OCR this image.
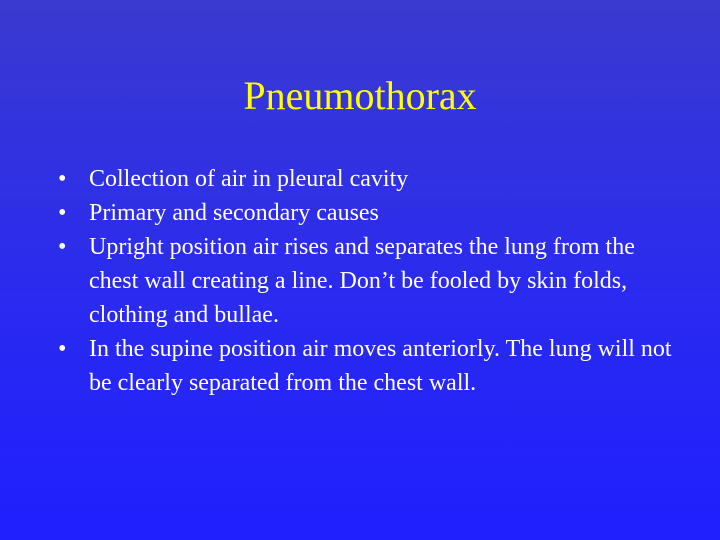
Pneumothorax
• Collection of air in pleural cavity
• Primary and secondary causes
• Upright position air rises and separates the lung from the chest wall creating a line. Don’t be fooled by skin folds, clothing and bullae.
• In the supine position air moves anteriorly. The lung will not be clearly separated from the chest wall.
